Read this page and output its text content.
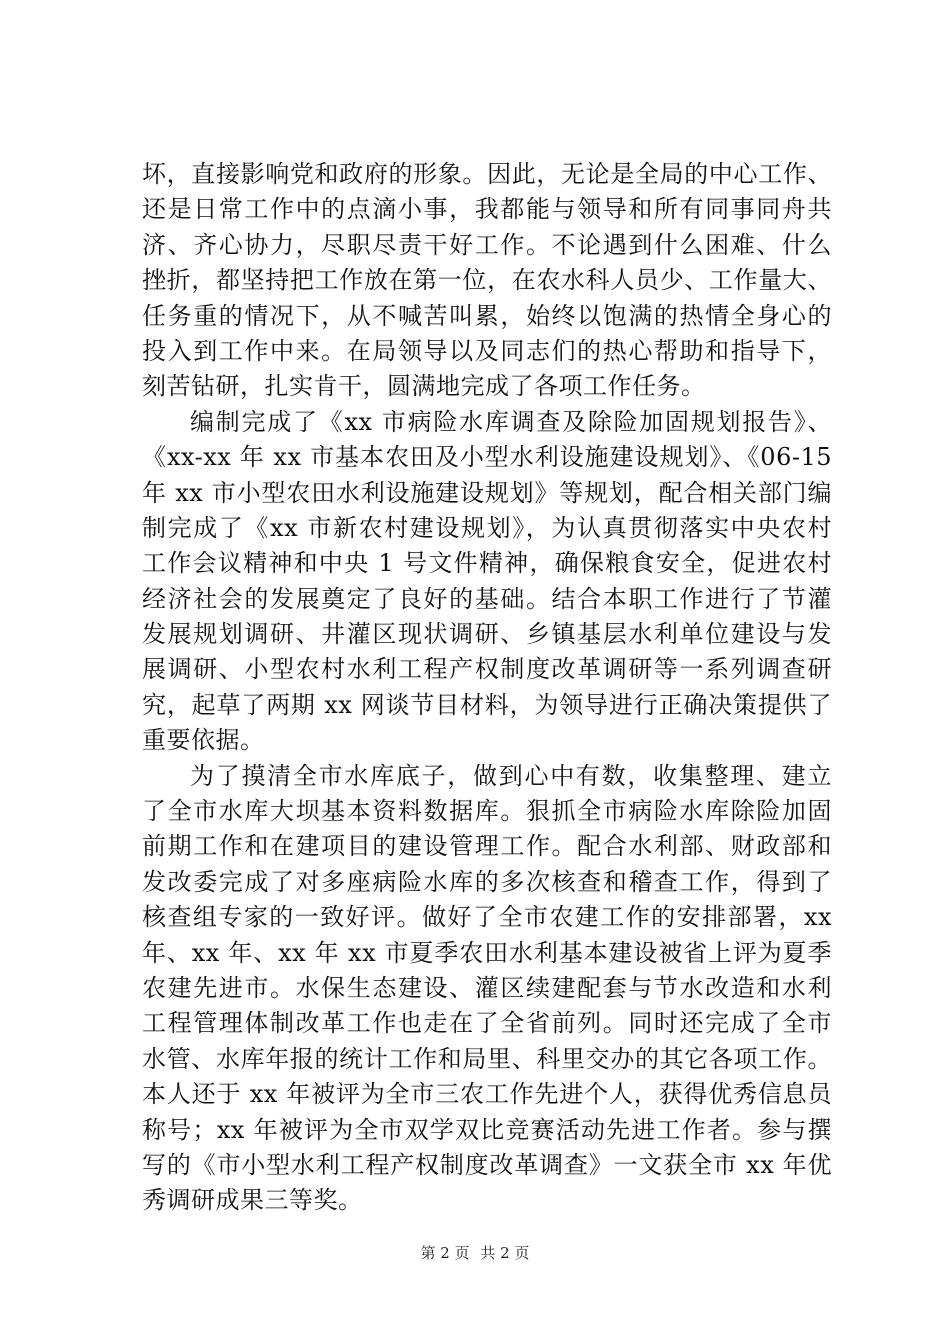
坏，直接影响党和政府的形象。因此，无论是全局的中心工作、
还是日常工作中的点滴小事，我都能与领导和所有同事同舟共
济、齐心协力，尽职尽责干好工作。不论遇到什么困难、什么
挫折，都坚持把工作放在第一位，在农水科人员少、工作量大、
任务重的情况下，从不喊苦叫累，始终以饱满的热情全身心的
投入到工作中来。在局领导以及同志们的热心帮助和指导下，
刻苦钻研，扎实肯干，圆满地完成了各项工作任务。
编制完成了《xx 市病险水库调查及除险加固规划报告》、
《xx-xx 年 xx 市基本农田及小型水利设施建设规划》、《06-15
年 xx 市小型农田水利设施建设规划》等规划，配合相关部门编
制完成了《xx 市新农村建设规划》，为认真贯彻落实中央农村
工作会议精神和中央 1 号文件精神，确保粮食安全，促进农村
经济社会的发展奠定了良好的基础。结合本职工作进行了节灌
发展规划调研、井灌区现状调研、乡镇基层水利单位建设与发
展调研、小型农村水利工程产权制度改革调研等一系列调查研
究，起草了两期 xx 网谈节目材料，为领导进行正确决策提供了
重要依据。
为了摸清全市水库底子，做到心中有数，收集整理、建立
了全市水库大坝基本资料数据库。狠抓全市病险水库除险加固
前期工作和在建项目的建设管理工作。配合水利部、财政部和
发改委完成了对多座病险水库的多次核查和稽查工作，得到了
核查组专家的一致好评。做好了全市农建工作的安排部署，xx
年、xx 年、xx 年 xx 市夏季农田水利基本建设被省上评为夏季
农建先进市。水保生态建设、灌区续建配套与节水改造和水利
工程管理体制改革工作也走在了全省前列。同时还完成了全市
水管、水库年报的统计工作和局里、科里交办的其它各项工作。
本人还于 xx 年被评为全市三农工作先进个人，获得优秀信息员
称号；xx 年被评为全市双学双比竞赛活动先进工作者。参与撰
写的《市小型水利工程产权制度改革调查》一文获全市 xx 年优
秀调研成果三等奖。
第 2 页 共 2 页
